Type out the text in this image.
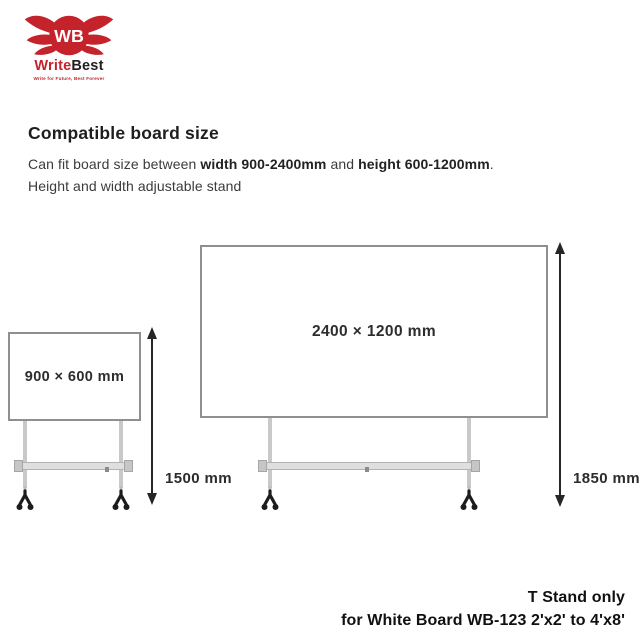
WB
WriteBest
Write for Future, Best Forever
Compatible board size
Can fit board size between width 900-2400mm and height 600-1200mm.
Height and width adjustable stand
900 × 600 mm
1500 mm
2400 × 1200 mm
1850 mm
T Stand only
for White Board WB-123 2'x2' to 4'x8'
